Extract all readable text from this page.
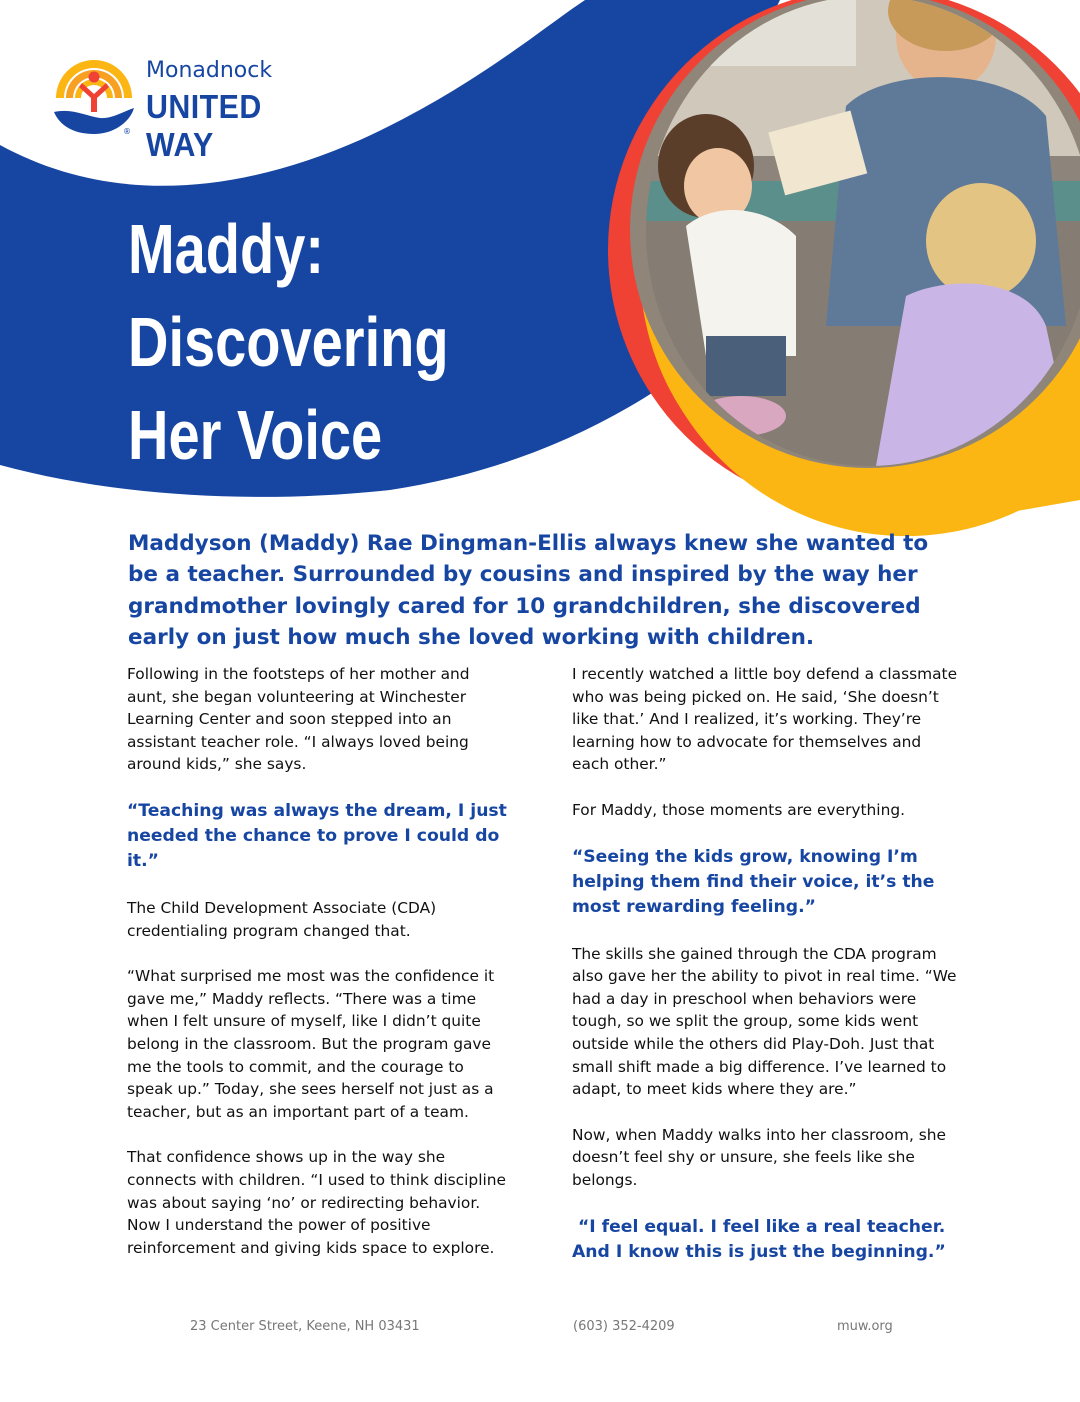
Monadnock
UNITED WAY
®
Maddy:
Discovering
Her Voice
Maddyson (Maddy) Rae Dingman-Ellis always knew she wanted to be a teacher. Surrounded by cousins and inspired by the way her grandmother lovingly cared for 10 grandchildren, she discovered early on just how much she loved working with children.

Following in the footsteps of her mother and aunt, she began volunteering at Winchester Learning Center and soon stepped into an assistant teacher role. “I always loved being around kids,” she says.

“Teaching was always the dream, I just needed the chance to prove I could do it.”

The Child Development Associate (CDA) credentialing program changed that.

“What surprised me most was the confidence it gave me,” Maddy reflects. “There was a time when I felt unsure of myself, like I didn’t quite belong in the classroom. But the program gave me the tools to commit, and the courage to speak up.” Today, she sees herself not just as a teacher, but as an important part of a team.

That confidence shows up in the way she connects with children. “I used to think discipline was about saying ‘no’ or redirecting behavior. Now I understand the power of positive reinforcement and giving kids space to explore.

I recently watched a little boy defend a classmate who was being picked on. He said, ‘She doesn’t like that.’ And I realized, it’s working. They’re learning how to advocate for themselves and each other.”

For Maddy, those moments are everything.

“Seeing the kids grow, knowing I’m helping them find their voice, it’s the most rewarding feeling.”

The skills she gained through the CDA program also gave her the ability to pivot in real time. “We had a day in preschool when behaviors were tough, so we split the group, some kids went outside while the others did Play-Doh. Just that small shift made a big difference. I’ve learned to adapt, to meet kids where they are.”

Now, when Maddy walks into her classroom, she doesn’t feel shy or unsure, she feels like she belongs.

“I feel equal. I feel like a real teacher. And I know this is just the beginning.”

23 Center Street, Keene, NH 03431	(603) 352-4209	muw.org
